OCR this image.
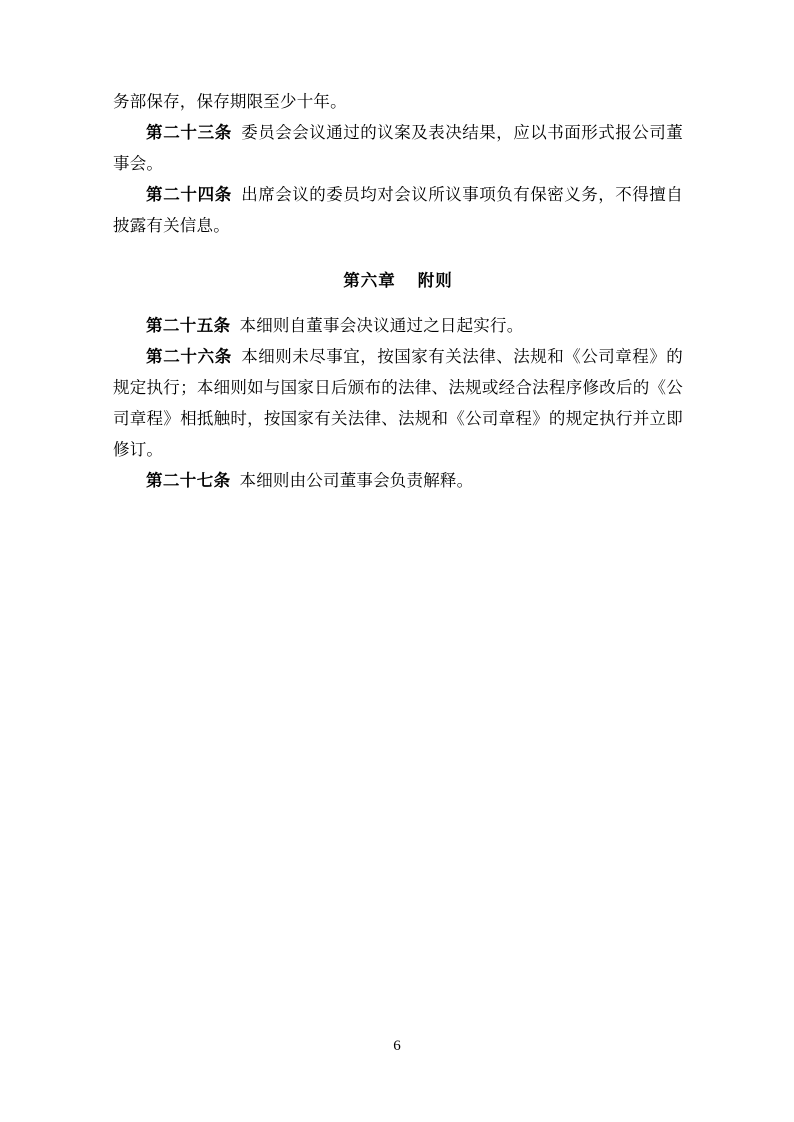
务部保存，保存期限至少十年。

第二十三条 委员会会议通过的议案及表决结果，应以书面形式报公司董事会。

第二十四条 出席会议的委员均对会议所议事项负有保密义务，不得擅自披露有关信息。

第六章 附则

第二十五条 本细则自董事会决议通过之日起实行。

第二十六条 本细则未尽事宜，按国家有关法律、法规和《公司章程》的规定执行；本细则如与国家日后颁布的法律、法规或经合法程序修改后的《公司章程》相抵触时，按国家有关法律、法规和《公司章程》的规定执行并立即修订。

第二十七条 本细则由公司董事会负责解释。

6
